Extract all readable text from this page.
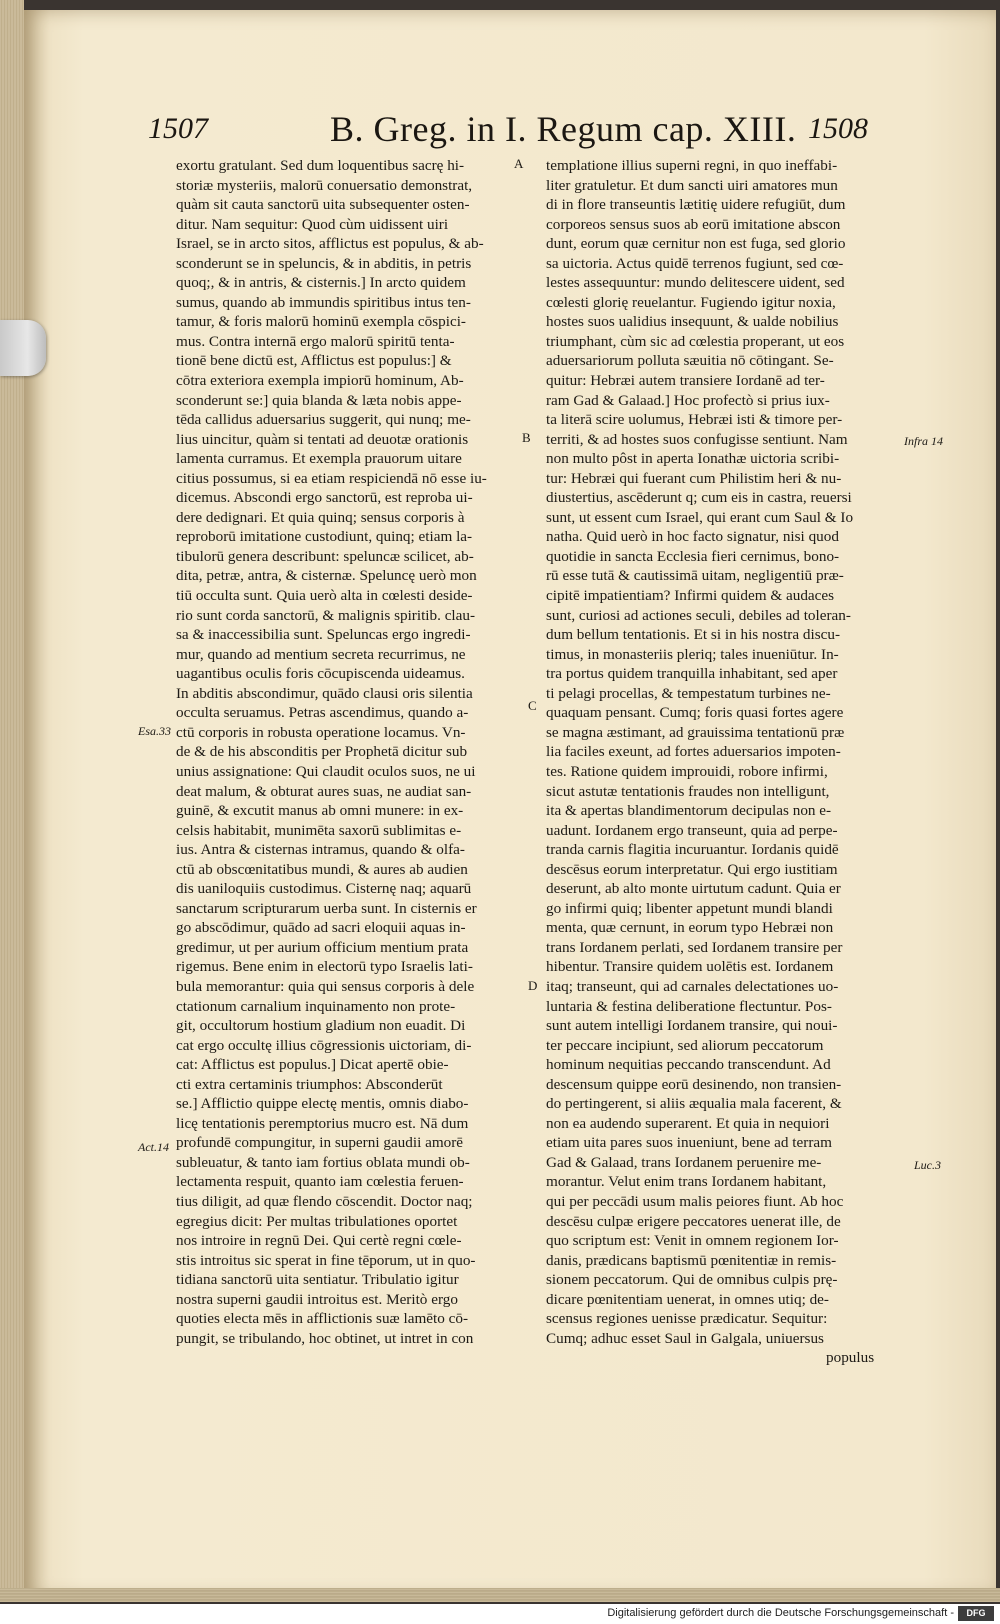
1507	B. Greg. in I. Regum cap. XIII. 1508
A
B
C
D
Esa.33
Act.14
Infra 14
Luc.3
exortu gratulant. Sed dum loquentibus sacrę hi-
storiæ mysteriis, malorū conuersatio demonstrat,
quàm sit cauta sanctorū uita subsequenter osten-
ditur. Nam sequitur: Quod cùm uidissent uiri
Israel, se in arcto sitos, afflictus est populus, & ab-
sconderunt se in speluncis, & in abditis, in petris
quoq;, & in antris, & cisternis.] In arcto quidem
sumus, quando ab immundis spiritibus intus ten-
tamur, & foris malorū hominū exempla cōspici-
mus. Contra internā ergo malorū spiritū tenta-
tionē bene dictū est, Afflictus est populus:] &
cōtra exteriora exempla impiorū hominum, Ab-
sconderunt se:] quia blanda & læta nobis appe-
tēda callidus aduersarius suggerit, qui nunq; me-
lius uincitur, quàm si tentati ad deuotæ orationis
lamenta curramus. Et exempla prauorum uitare
citius possumus, si ea etiam respiciendā nō esse iu-
dicemus. Abscondi ergo sanctorū, est reproba ui-
dere dedignari. Et quia quinq; sensus corporis à
reproborū imitatione custodiunt, quinq; etiam la-
tibulorū genera describunt: speluncæ scilicet, ab-
dita, petræ, antra, & cisternæ. Speluncę uerò mon
tiū occulta sunt. Quia uerò alta in cœlesti deside-
rio sunt corda sanctorū, & malignis spiritib. clau-
sa & inaccessibilia sunt. Speluncas ergo ingredi-
mur, quando ad mentium secreta recurrimus, ne
uagantibus oculis foris cōcupiscenda uideamus.
In abditis abscondimur, quādo clausi oris silentia
occulta seruamus. Petras ascendimus, quando a-
ctū corporis in robusta operatione locamus. Vn-
de & de his absconditis per Prophetā dicitur sub
unius assignatione: Qui claudit oculos suos, ne ui
deat malum, & obturat aures suas, ne audiat san-
guinē, & excutit manus ab omni munere: in ex-
celsis habitabit, munimēta saxorū sublimitas e-
ius. Antra & cisternas intramus, quando & olfa-
ctū ab obscœnitatibus mundi, & aures ab audien
dis uaniloquiis custodimus. Cisternę naq; aquarū
sanctarum scripturarum uerba sunt. In cisternis er
go abscōdimur, quādo ad sacri eloquii aquas in-
gredimur, ut per aurium officium mentium prata
rigemus. Bene enim in electorū typo Israelis lati-
bula memorantur: quia qui sensus corporis à dele
ctationum carnalium inquinamento non prote-
git, occultorum hostium gladium non euadit. Di
cat ergo occultę illius cōgressionis uictoriam, di-
cat: Afflictus est populus.] Dicat apertē obie-
cti extra certaminis triumphos: Absconderūt
se.] Afflictio quippe electę mentis, omnis diabo-
licę tentationis peremptorius mucro est. Nā dum
profundē compungitur, in superni gaudii amorē
subleuatur, & tanto iam fortius oblata mundi ob-
lectamenta respuit, quanto iam cœlestia feruen-
tius diligit, ad quæ flendo cōscendit. Doctor naq;
egregius dicit: Per multas tribulationes oportet
nos introire in regnū Dei. Qui certè regni cœle-
stis introitus sic sperat in fine tēporum, ut in quo-
tidiana sanctorū uita sentiatur. Tribulatio igitur
nostra superni gaudii introitus est. Meritò ergo
quoties electa mēs in afflictionis suæ lamēto cō-
pungit, se tribulando, hoc obtinet, ut intret in con
templatione illius superni regni, in quo ineffabi-
liter gratuletur. Et dum sancti uiri amatores mun
di in flore transeuntis lætitię uidere refugiūt, dum
corporeos sensus suos ab eorū imitatione abscon
dunt, eorum quæ cernitur non est fuga, sed glorio
sa uictoria. Actus quidē terrenos fugiunt, sed cœ-
lestes assequuntur: mundo delitescere uident, sed
cœlesti glorię reuelantur. Fugiendo igitur noxia,
hostes suos ualidius insequunt, & ualde nobilius
triumphant, cùm sic ad cœlestia properant, ut eos
aduersariorum polluta sæuitia nō cōtingant. Se-
quitur: Hebræi autem transiere Iordanē ad ter-
ram Gad & Galaad.] Hoc profectò si prius iux-
ta literā scire uolumus, Hebræi isti & timore per-
territi, & ad hostes suos confugisse sentiunt. Nam
non multo pôst in aperta Ionathæ uictoria scribi-
tur: Hebræi qui fuerant cum Philistim heri & nu-
diustertius, ascēderunt q; cum eis in castra, reuersi
sunt, ut essent cum Israel, qui erant cum Saul & Io
natha. Quid uerò in hoc facto signatur, nisi quod
quotidie in sancta Ecclesia fieri cernimus, bono-
rū esse tutā & cautissimā uitam, negligentiū præ-
cipitē impatientiam? Infirmi quidem & audaces
sunt, curiosi ad actiones seculi, debiles ad toleran-
dum bellum tentationis. Et si in his nostra discu-
timus, in monasteriis pleriq; tales inueniūtur. In-
tra portus quidem tranquilla inhabitant, sed aper
ti pelagi procellas, & tempestatum turbines ne-
quaquam pensant. Cumq; foris quasi fortes agere
se magna æstimant, ad grauissima tentationū præ
lia faciles exeunt, ad fortes aduersarios impoten-
tes. Ratione quidem improuidi, robore infirmi,
sicut astutæ tentationis fraudes non intelligunt,
ita & apertas blandimentorum decipulas non e-
uadunt. Iordanem ergo transeunt, quia ad perpe-
tranda carnis flagitia incuruantur. Iordanis quidē
descēsus eorum interpretatur. Qui ergo iustitiam
deserunt, ab alto monte uirtutum cadunt. Quia er
go infirmi quiq; libenter appetunt mundi blandi
menta, quæ cernunt, in eorum typo Hebræi non
trans Iordanem perlati, sed Iordanem transire per
hibentur. Transire quidem uolētis est. Iordanem
itaq; transeunt, qui ad carnales delectationes uo-
luntaria & festina deliberatione flectuntur. Pos-
sunt autem intelligi Iordanem transire, qui noui-
ter peccare incipiunt, sed aliorum peccatorum
hominum nequitias peccando transcendunt. Ad
descensum quippe eorū desinendo, non transien-
do pertingerent, si aliis æqualia mala facerent, &
non ea audendo superarent. Et quia in nequiori
etiam uita pares suos inueniunt, bene ad terram
Gad & Galaad, trans Iordanem peruenire me-
morantur. Velut enim trans Iordanem habitant,
qui per peccādi usum malis peiores fiunt. Ab hoc
descēsu culpæ erigere peccatores uenerat ille, de
quo scriptum est: Venit in omnem regionem Ior-
danis, prædicans baptismū pœnitentiæ in remis-
sionem peccatorum. Qui de omnibus culpis prę-
dicare pœnitentiam uenerat, in omnes utiq; de-
scensus regiones uenisse prædicatur. Sequitur:
Cumq; adhuc esset Saul in Galgala, uniuersus
populus
Digitalisierung gefördert durch die Deutsche Forschungsgemeinschaft -	DFG
